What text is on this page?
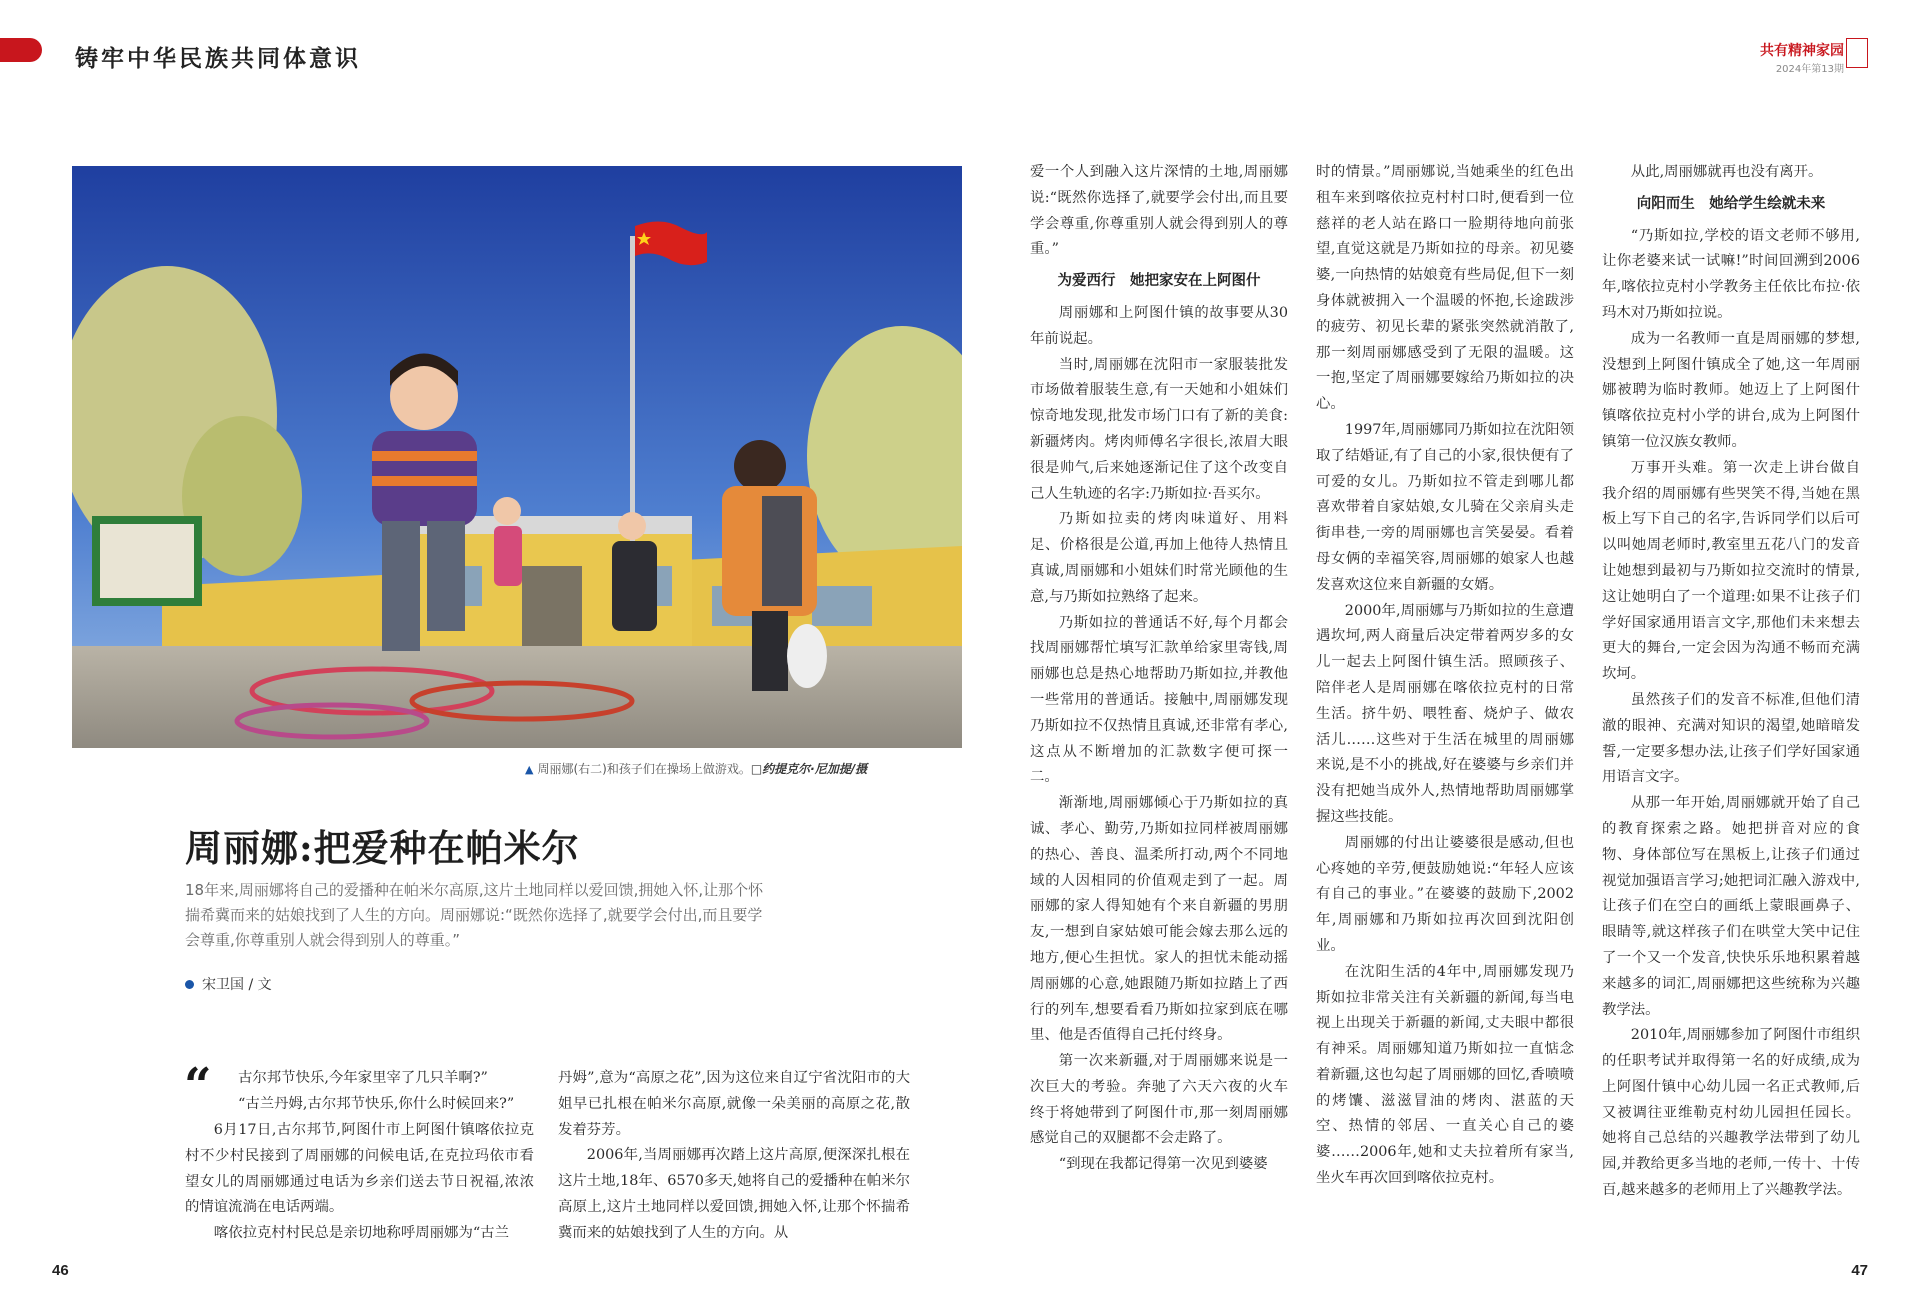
铸牢中华民族共同体意识	共有精神家园
2024年第13期
▲ 周丽娜(右二)和孩子们在操场上做游戏。□约提克尔·尼加提/摄
周丽娜:把爱种在帕米尔
18年来,周丽娜将自己的爱播种在帕米尔高原,这片土地同样以爱回馈,拥她入怀,让那个怀揣希冀而来的姑娘找到了人生的方向。周丽娜说:“既然你选择了,就要学会付出,而且要学会尊重,你尊重别人就会得到别人的尊重。”
宋卫国 / 文
“ 古尔邦节快乐,今年家里宰了几只羊啊?”

“古兰丹姆,古尔邦节快乐,你什么时候回来?”

6月17日,古尔邦节,阿图什市上阿图什镇喀依拉克村不少村民接到了周丽娜的问候电话,在克拉玛依市看望女儿的周丽娜通过电话为乡亲们送去节日祝福,浓浓的情谊流淌在电话两端。

喀依拉克村村民总是亲切地称呼周丽娜为“古兰

丹姆”,意为“高原之花”,因为这位来自辽宁省沈阳市的大姐早已扎根在帕米尔高原,就像一朵美丽的高原之花,散发着芬芳。

2006年,当周丽娜再次踏上这片高原,便深深扎根在这片土地,18年、6570多天,她将自己的爱播种在帕米尔高原上,这片土地同样以爱回馈,拥她入怀,让那个怀揣希冀而来的姑娘找到了人生的方向。从

爱一个人到融入这片深情的土地,周丽娜说:“既然你选择了,就要学会付出,而且要学会尊重,你尊重别人就会得到别人的尊重。”

为爱西行　她把家安在上阿图什

周丽娜和上阿图什镇的故事要从30年前说起。

当时,周丽娜在沈阳市一家服装批发市场做着服装生意,有一天她和小姐妹们惊奇地发现,批发市场门口有了新的美食:新疆烤肉。烤肉师傅名字很长,浓眉大眼很是帅气,后来她逐渐记住了这个改变自己人生轨迹的名字:乃斯如拉·吾买尔。

乃斯如拉卖的烤肉味道好、用料足、价格很是公道,再加上他待人热情且真诚,周丽娜和小姐妹们时常光顾他的生意,与乃斯如拉熟络了起来。

乃斯如拉的普通话不好,每个月都会找周丽娜帮忙填写汇款单给家里寄钱,周丽娜也总是热心地帮助乃斯如拉,并教他一些常用的普通话。接触中,周丽娜发现乃斯如拉不仅热情且真诚,还非常有孝心,这点从不断增加的汇款数字便可探一二。

渐渐地,周丽娜倾心于乃斯如拉的真诚、孝心、勤劳,乃斯如拉同样被周丽娜的热心、善良、温柔所打动,两个不同地域的人因相同的价值观走到了一起。周丽娜的家人得知她有个来自新疆的男朋友,一想到自家姑娘可能会嫁去那么远的地方,便心生担忧。家人的担忧未能动摇周丽娜的心意,她跟随乃斯如拉踏上了西行的列车,想要看看乃斯如拉家到底在哪里、他是否值得自己托付终身。

第一次来新疆,对于周丽娜来说是一次巨大的考验。奔驰了六天六夜的火车终于将她带到了阿图什市,那一刻周丽娜感觉自己的双腿都不会走路了。

“到现在我都记得第一次见到婆婆

时的情景。”周丽娜说,当她乘坐的红色出租车来到喀依拉克村村口时,便看到一位慈祥的老人站在路口一脸期待地向前张望,直觉这就是乃斯如拉的母亲。初见婆婆,一向热情的姑娘竟有些局促,但下一刻身体就被拥入一个温暖的怀抱,长途跋涉的疲劳、初见长辈的紧张突然就消散了,那一刻周丽娜感受到了无限的温暖。这一抱,坚定了周丽娜要嫁给乃斯如拉的决心。

1997年,周丽娜同乃斯如拉在沈阳领取了结婚证,有了自己的小家,很快便有了可爱的女儿。乃斯如拉不管走到哪儿都喜欢带着自家姑娘,女儿骑在父亲肩头走街串巷,一旁的周丽娜也言笑晏晏。看着母女俩的幸福笑容,周丽娜的娘家人也越发喜欢这位来自新疆的女婿。

2000年,周丽娜与乃斯如拉的生意遭遇坎坷,两人商量后决定带着两岁多的女儿一起去上阿图什镇生活。照顾孩子、陪伴老人是周丽娜在喀依拉克村的日常生活。挤牛奶、喂牲畜、烧炉子、做农活儿……这些对于生活在城里的周丽娜来说,是不小的挑战,好在婆婆与乡亲们并没有把她当成外人,热情地帮助周丽娜掌握这些技能。

周丽娜的付出让婆婆很是感动,但也心疼她的辛劳,便鼓励她说:“年轻人应该有自己的事业。”在婆婆的鼓励下,2002年,周丽娜和乃斯如拉再次回到沈阳创业。

在沈阳生活的4年中,周丽娜发现乃斯如拉非常关注有关新疆的新闻,每当电视上出现关于新疆的新闻,丈夫眼中都很有神采。周丽娜知道乃斯如拉一直惦念着新疆,这也勾起了周丽娜的回忆,香喷喷的烤馕、滋滋冒油的烤肉、湛蓝的天空、热情的邻居、一直关心自己的婆婆……2006年,她和丈夫拉着所有家当,坐火车再次回到喀依拉克村。

从此,周丽娜就再也没有离开。

向阳而生　她给学生绘就未来

“乃斯如拉,学校的语文老师不够用,让你老婆来试一试嘛!”时间回溯到2006年,喀依拉克村小学教务主任依比布拉·依玛木对乃斯如拉说。

成为一名教师一直是周丽娜的梦想,没想到上阿图什镇成全了她,这一年周丽娜被聘为临时教师。她迈上了上阿图什镇喀依拉克村小学的讲台,成为上阿图什镇第一位汉族女教师。

万事开头难。第一次走上讲台做自我介绍的周丽娜有些哭笑不得,当她在黑板上写下自己的名字,告诉同学们以后可以叫她周老师时,教室里五花八门的发音让她想到最初与乃斯如拉交流时的情景,这让她明白了一个道理:如果不让孩子们学好国家通用语言文字,那他们未来想去更大的舞台,一定会因为沟通不畅而充满坎坷。

虽然孩子们的发音不标准,但他们清澈的眼神、充满对知识的渴望,她暗暗发誓,一定要多想办法,让孩子们学好国家通用语言文字。

从那一年开始,周丽娜就开始了自己的教育探索之路。她把拼音对应的食物、身体部位写在黑板上,让孩子们通过视觉加强语言学习;她把词汇融入游戏中,让孩子们在空白的画纸上蒙眼画鼻子、眼睛等,就这样孩子们在哄堂大笑中记住了一个又一个发音,快快乐乐地积累着越来越多的词汇,周丽娜把这些统称为兴趣教学法。

2010年,周丽娜参加了阿图什市组织的任职考试并取得第一名的好成绩,成为上阿图什镇中心幼儿园一名正式教师,后又被调往亚维勒克村幼儿园担任园长。她将自己总结的兴趣教学法带到了幼儿园,并教给更多当地的老师,一传十、十传百,越来越多的老师用上了兴趣教学法。

46	47
